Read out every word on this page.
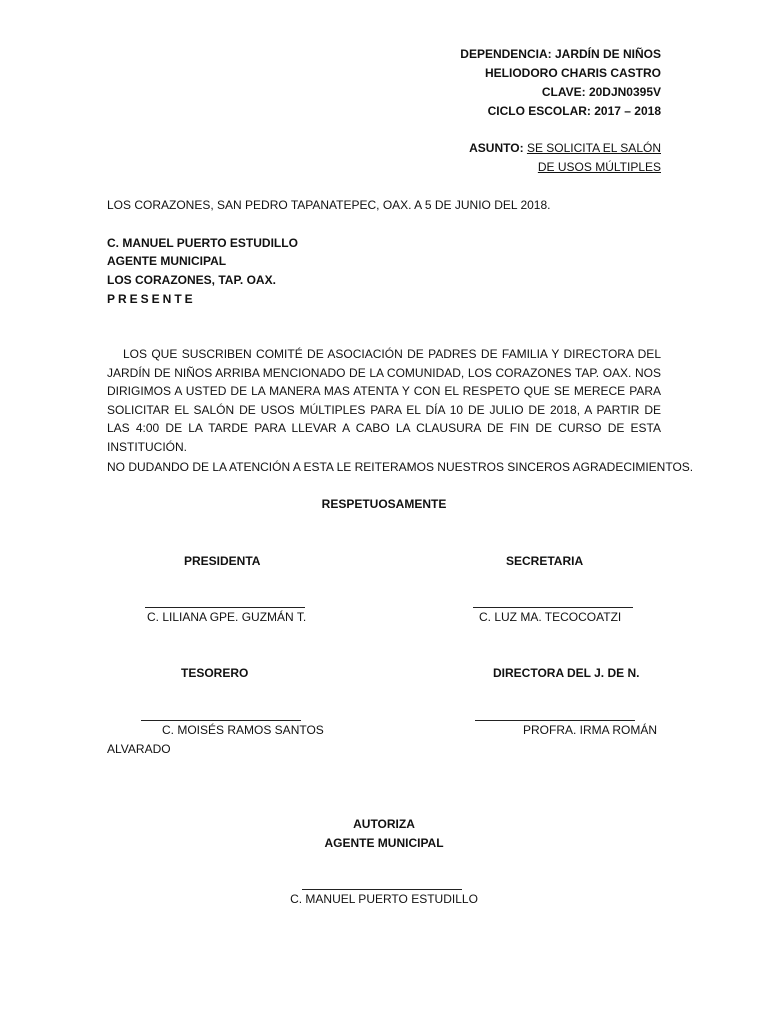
DEPENDENCIA: JARDÍN DE NIÑOS
HELIODORO CHARIS CASTRO
CLAVE: 20DJN0395V
CICLO ESCOLAR: 2017 – 2018
ASUNTO: SE SOLICITA EL SALÓN
DE USOS MÚLTIPLES
LOS CORAZONES, SAN PEDRO TAPANATEPEC, OAX. A 5 DE JUNIO DEL 2018.
C. MANUEL PUERTO ESTUDILLO
AGENTE MUNICIPAL
LOS CORAZONES, TAP. OAX.
PRESENTE
LOS QUE SUSCRIBEN COMITÉ DE ASOCIACIÓN DE PADRES DE FAMILIA Y DIRECTORA DEL JARDÍN DE NIÑOS ARRIBA MENCIONADO DE LA COMUNIDAD, LOS CORAZONES TAP. OAX. NOS DIRIGIMOS A USTED DE LA MANERA MAS ATENTA Y CON EL RESPETO QUE SE MERECE PARA SOLICITAR EL SALÓN DE USOS MÚLTIPLES PARA EL DÍA 10 DE JULIO DE 2018, A PARTIR DE LAS 4:00 DE LA TARDE PARA LLEVAR A CABO LA CLAUSURA DE FIN DE CURSO DE ESTA INSTITUCIÓN.
NO DUDANDO DE LA ATENCIÓN A ESTA LE REITERAMOS NUESTROS SINCEROS AGRADECIMIENTOS.
RESPETUOSAMENTE
PRESIDENTA	SECRETARIA
C. LILIANA GPE. GUZMÁN T.	C. LUZ MA. TECOCOATZI
TESORERO	DIRECTORA DEL J. DE N.
C. MOISÉS RAMOS SANTOS	PROFRA. IRMA ROMÁN
ALVARADO
AUTORIZA
AGENTE MUNICIPAL
C. MANUEL PUERTO ESTUDILLO
